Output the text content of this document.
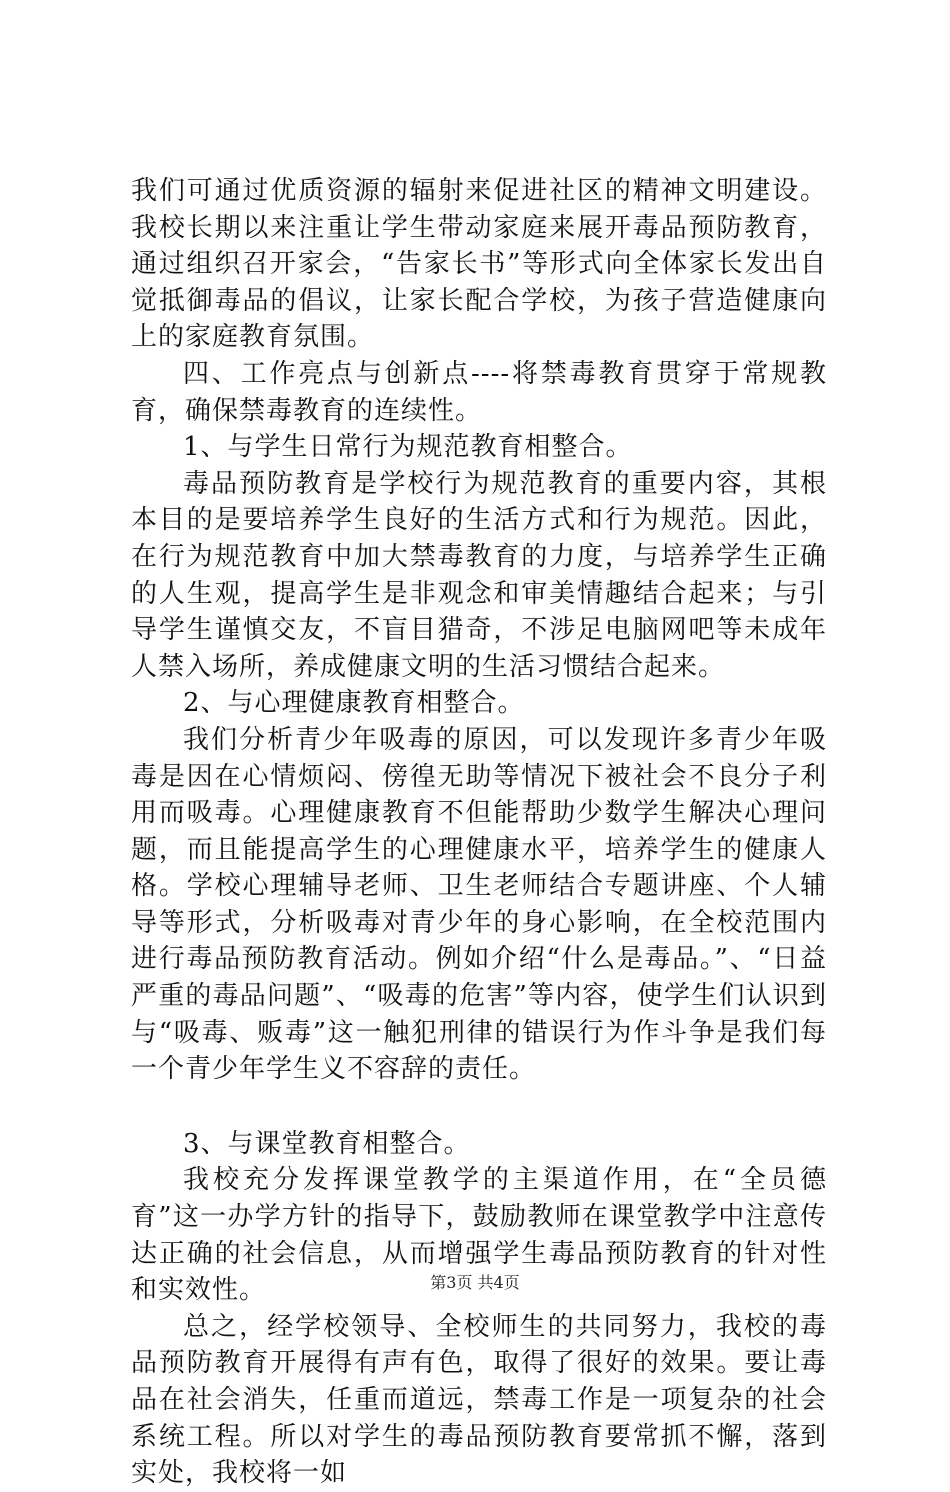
我们可通过优质资源的辐射来促进社区的精神文明建设。我校长期以来注重让学生带动家庭来展开毒品预防教育，通过组织召开家会，“告家长书”等形式向全体家长发出自觉抵御毒品的倡议，让家长配合学校，为孩子营造健康向上的家庭教育氛围。

四、工作亮点与创新点----将禁毒教育贯穿于常规教育，确保禁毒教育的连续性。

1、与学生日常行为规范教育相整合。

毒品预防教育是学校行为规范教育的重要内容，其根本目的是要培养学生良好的生活方式和行为规范。因此，在行为规范教育中加大禁毒教育的力度，与培养学生正确的人生观，提高学生是非观念和审美情趣结合起来；与引导学生谨慎交友，不盲目猎奇，不涉足电脑网吧等未成年人禁入场所，养成健康文明的生活习惯结合起来。

2、与心理健康教育相整合。

我们分析青少年吸毒的原因，可以发现许多青少年吸毒是因在心情烦闷、傍徨无助等情况下被社会不良分子利用而吸毒。心理健康教育不但能帮助少数学生解决心理问题，而且能提高学生的心理健康水平，培养学生的健康人格。学校心理辅导老师、卫生老师结合专题讲座、个人辅导等形式，分析吸毒对青少年的身心影响，在全校范围内进行毒品预防教育活动。例如介绍“什么是毒品。”、“日益严重的毒品问题”、“吸毒的危害”等内容，使学生们认识到与“吸毒、贩毒”这一触犯刑律的错误行为作斗争是我们每一个青少年学生义不容辞的责任。

3、与课堂教育相整合。

我校充分发挥课堂教学的主渠道作用，在“全员德育”这一办学方针的指导下，鼓励教师在课堂教学中注意传达正确的社会信息，从而增强学生毒品预防教育的针对性和实效性。

总之，经学校领导、全校师生的共同努力，我校的毒品预防教育开展得有声有色，取得了很好的效果。要让毒品在社会消失，任重而道远，禁毒工作是一项复杂的社会系统工程。所以对学生的毒品预防教育要常抓不懈，落到实处，我校将一如

第3页 共4页
